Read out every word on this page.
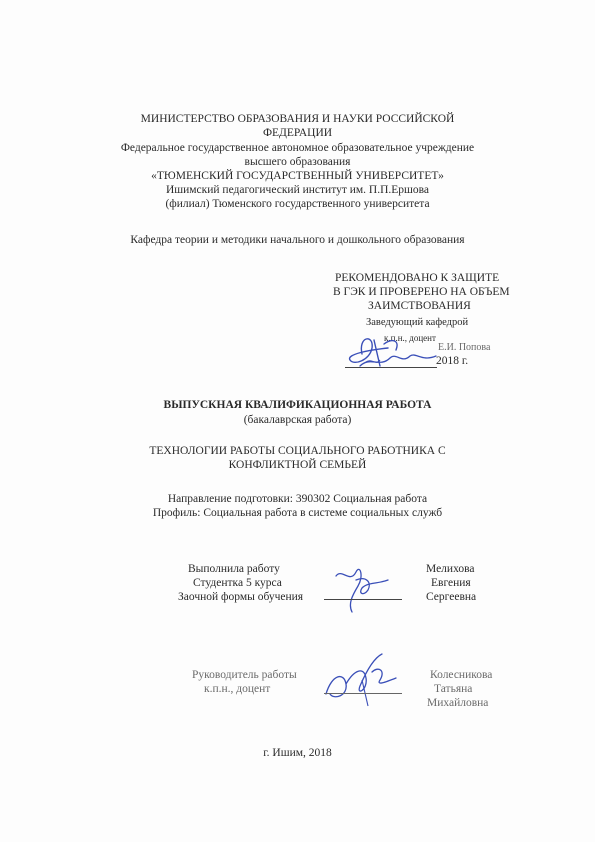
МИНИСТЕРСТВО ОБРАЗОВАНИЯ И НАУКИ РОССИЙСКОЙ
ФЕДЕРАЦИИ
Федеральное государственное автономное образовательное учреждение
высшего образования
«ТЮМЕНСКИЙ ГОСУДАРСТВЕННЫЙ УНИВЕРСИТЕТ»
Ишимский педагогический институт им. П.П.Ершова
(филиал) Тюменского государственного университета
Кафедра теории и методики начального и дошкольного образования
РЕКОМЕНДОВАНО К ЗАЩИТЕ
В ГЭК И ПРОВЕРЕНО НА ОБЪЕМ
ЗАИМСТВОВАНИЯ
Заведующий кафедрой
к.п.н., доцент
Е.И. Попова
2018 г.
ВЫПУСКНАЯ КВАЛИФИКАЦИОННАЯ РАБОТА
(бакалаврская работа)
ТЕХНОЛОГИИ РАБОТЫ СОЦИАЛЬНОГО РАБОТНИКА С
КОНФЛИКТНОЙ СЕМЬЕЙ
Направление подготовки: 390302 Социальная работа
Профиль: Социальная работа в системе социальных служб
Выполнила работу
Студентка 5 курса
Заочной формы обучения
Мелихова
Евгения
Сергеевна
Руководитель работы
к.п.н., доцент
Колесникова
Татьяна
Михайловна
г. Ишим, 2018
